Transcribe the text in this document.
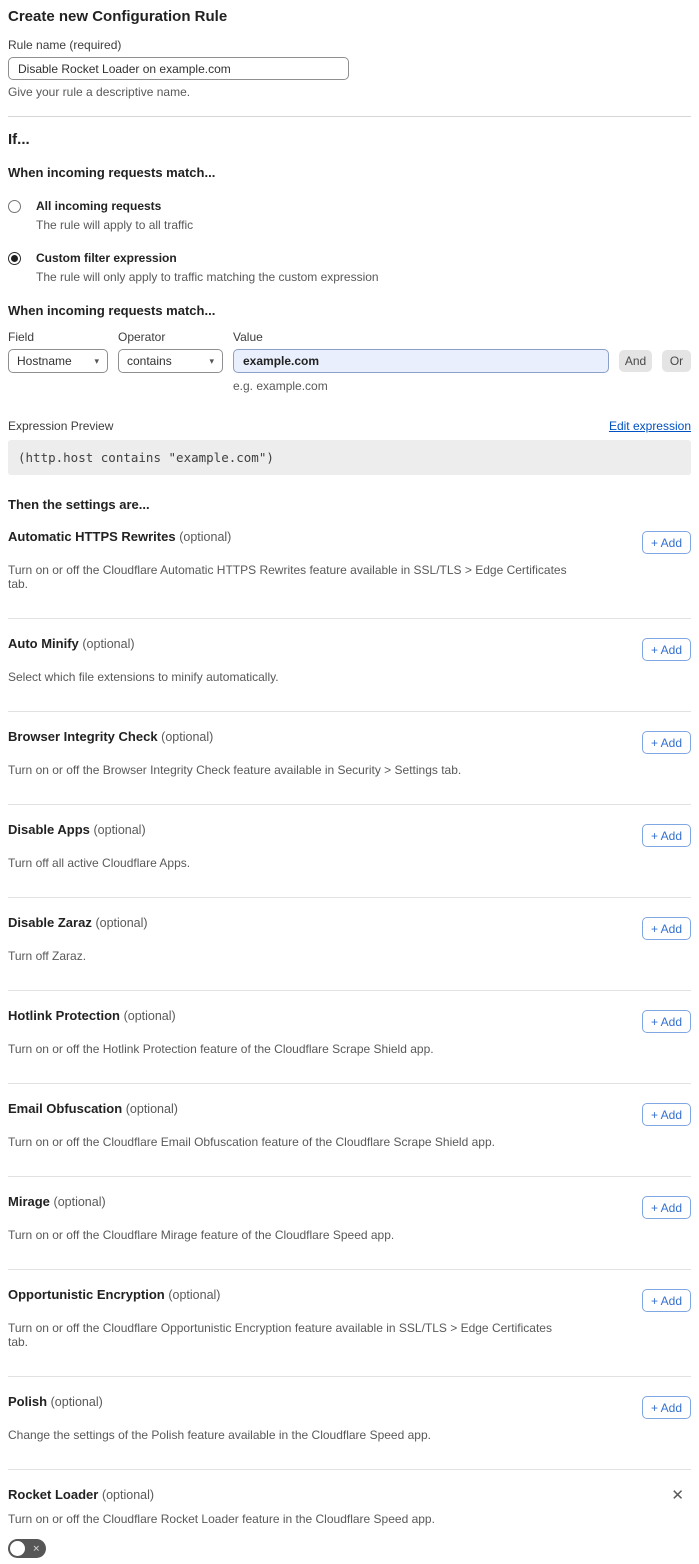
Create new Configuration Rule
Rule name (required)
Disable Rocket Loader on example.com
Give your rule a descriptive name.
If...
When incoming requests match...
All incoming requests
The rule will apply to all traffic
Custom filter expression
The rule will only apply to traffic matching the custom expression
When incoming requests match...
Field
Hostname	▾
Operator
contains	▾
Value
example.com
e.g. example.com

And
	Or
Expression Preview	Edit expression
(http.host contains "example.com")
Then the settings are...
Automatic HTTPS Rewrites (optional)	+ Add
Turn on or off the Cloudflare Automatic HTTPS Rewrites feature available in SSL/TLS > Edge Certificates tab.
Auto Minify (optional)	+ Add
Select which file extensions to minify automatically.
Browser Integrity Check (optional)	+ Add
Turn on or off the Browser Integrity Check feature available in Security > Settings tab.
Disable Apps (optional)	+ Add
Turn off all active Cloudflare Apps.
Disable Zaraz (optional)	+ Add
Turn off Zaraz.
Hotlink Protection (optional)	+ Add
Turn on or off the Hotlink Protection feature of the Cloudflare Scrape Shield app.
Email Obfuscation (optional)	+ Add
Turn on or off the Cloudflare Email Obfuscation feature of the Cloudflare Scrape Shield app.
Mirage (optional)	+ Add
Turn on or off the Cloudflare Mirage feature of the Cloudflare Speed app.
Opportunistic Encryption (optional)	+ Add
Turn on or off the Cloudflare Opportunistic Encryption feature available in SSL/TLS > Edge Certificates tab.
Polish (optional)	+ Add
Change the settings of the Polish feature available in the Cloudflare Speed app.
Rocket Loader (optional)	✕
Turn on or off the Cloudflare Rocket Loader feature in the Cloudflare Speed app.
✕
